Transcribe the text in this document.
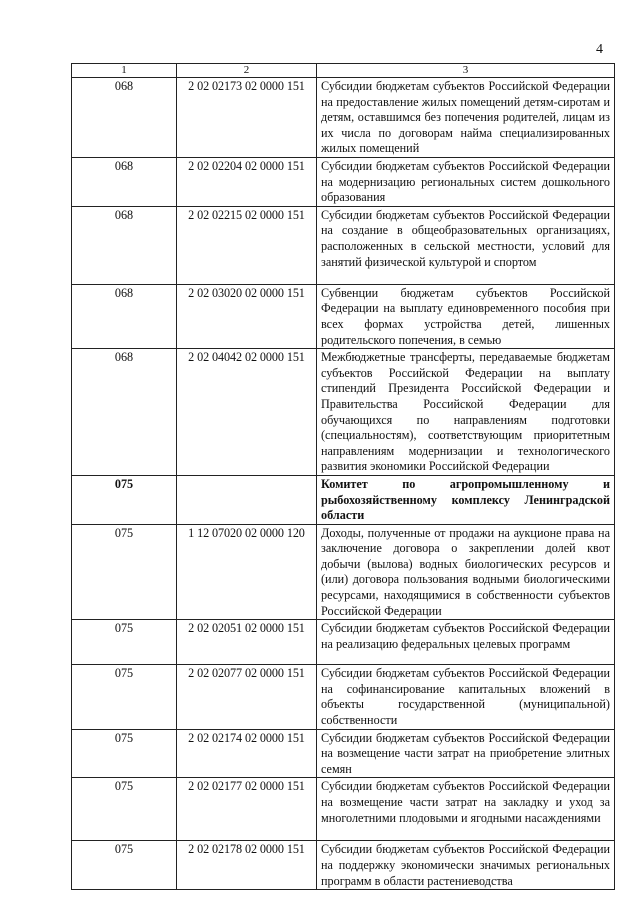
4
1	2	3
068	2 02 02173 02 0000 151	Субсидии бюджетам субъектов Российской Федерации на предоставление жилых помещений детям-сиротам и детям, оставшимся без попечения родителей, лицам из их числа по договорам найма специализированных жилых помещений
068	2 02 02204 02 0000 151	Субсидии бюджетам субъектов Российской Федерации на модернизацию региональных систем дошкольного образования
068	2 02 02215 02 0000 151	Субсидии бюджетам субъектов Российской Федерации на создание в общеобразовательных организациях, расположенных в сельской местности, условий для занятий физической культурой и спортом
068	2 02 03020 02 0000 151	Субвенции бюджетам субъектов Российской Федерации на выплату единовременного пособия при всех формах устройства детей, лишенных родительского попечения, в семью
068	2 02 04042 02 0000 151	Межбюджетные трансферты, передаваемые бюджетам субъектов Российской Федерации на выплату стипендий Президента Российской Федерации и Правительства Российской Федерации для обучающихся по направлениям подготовки (специальностям), соответствующим приоритетным направлениям модернизации и технологического развития экономики Российской Федерации
075		Комитет по агропромышленному и рыбохозяйственному комплексу Ленинградской области
075	1 12 07020 02 0000 120	Доходы, полученные от продажи на аукционе права на заключение договора о закреплении долей квот добычи (вылова) водных биологических ресурсов и (или) договора пользования водными биологическими ресурсами, находящимися в собственности субъектов Российской Федерации
075	2 02 02051 02 0000 151	Субсидии бюджетам субъектов Российской Федерации на реализацию федеральных целевых программ
075	2 02 02077 02 0000 151	Субсидии бюджетам субъектов Российской Федерации на софинансирование капитальных вложений в объекты государственной (муниципальной) собственности
075	2 02 02174 02 0000 151	Субсидии бюджетам субъектов Российской Федерации на возмещение части затрат на приобретение элитных семян
075	2 02 02177 02 0000 151	Субсидии бюджетам субъектов Российской Федерации на возмещение части затрат на закладку и уход за многолетними плодовыми и ягодными насаждениями
075	2 02 02178 02 0000 151	Субсидии бюджетам субъектов Российской Федерации на поддержку экономически значимых региональных программ в области растениеводства
